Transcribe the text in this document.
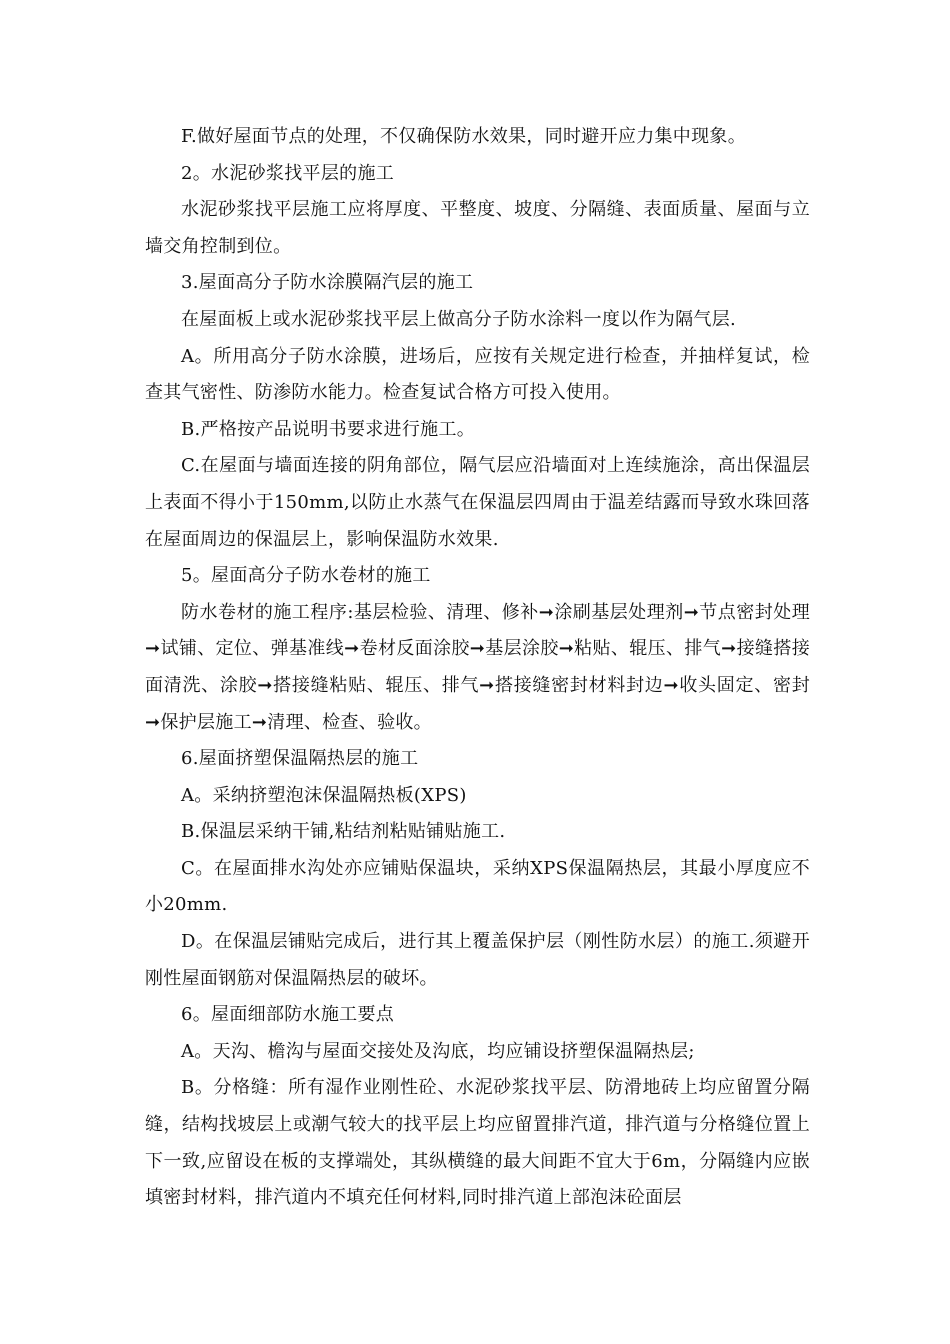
F.做好屋面节点的处理，不仅确保防水效果，同时避开应力集中现象。

2。水泥砂浆找平层的施工

水泥砂浆找平层施工应将厚度、平整度、坡度、分隔缝、表面质量、屋面与立墙交角控制到位。

3.屋面高分子防水涂膜隔汽层的施工

在屋面板上或水泥砂浆找平层上做高分子防水涂料一度以作为隔气层.

A。所用高分子防水涂膜，进场后，应按有关规定进行检查，并抽样复试，检查其气密性、防渗防水能力。检查复试合格方可投入使用。

B.严格按产品说明书要求进行施工。

C.在屋面与墙面连接的阴角部位，隔气层应沿墙面对上连续施涂，高出保温层上表面不得小于150mm,以防止水蒸气在保温层四周由于温差结露而导致水珠回落在屋面周边的保温层上，影响保温防水效果.

5。屋面高分子防水卷材的施工

防水卷材的施工程序:基层检验、清理、修补➞涂刷基层处理剂➞节点密封处理➞试铺、定位、弹基准线➞卷材反面涂胶➞基层涂胶➞粘贴、辊压、排气➞接缝搭接面清洗、涂胶➞搭接缝粘贴、辊压、排气➞搭接缝密封材料封边➞收头固定、密封➞保护层施工➞清理、检查、验收。

6.屋面挤塑保温隔热层的施工

A。采纳挤塑泡沫保温隔热板(XPS)

B.保温层采纳干铺,粘结剂粘贴铺贴施工.

C。在屋面排水沟处亦应铺贴保温块，采纳XPS保温隔热层，其最小厚度应不小20mm.

D。在保温层铺贴完成后，进行其上覆盖保护层（刚性防水层）的施工.须避开刚性屋面钢筋对保温隔热层的破坏。

6。屋面细部防水施工要点

A。天沟、檐沟与屋面交接处及沟底，均应铺设挤塑保温隔热层;

B。分格缝：所有湿作业刚性砼、水泥砂浆找平层、防滑地砖上均应留置分隔缝，结构找坡层上或潮气较大的找平层上均应留置排汽道，排汽道与分格缝位置上下一致,应留设在板的支撑端处，其纵横缝的最大间距不宜大于6m，分隔缝内应嵌填密封材料，排汽道内不填充任何材料,同时排汽道上部泡沫砼面层
